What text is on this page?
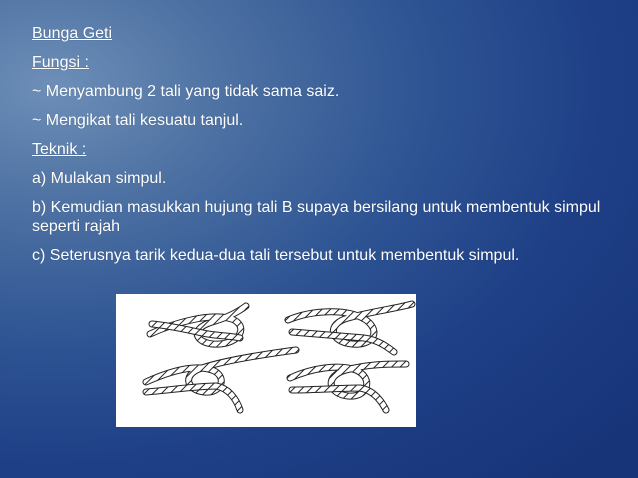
Bunga Geti
Fungsi :
~ Menyambung 2 tali yang tidak sama saiz.
~ Mengikat tali kesuatu tanjul.
Teknik :
a) Mulakan simpul.
b) Kemudian masukkan hujung tali B supaya bersilang untuk membentuk simpul seperti rajah
c) Seterusnya tarik kedua-dua tali tersebut untuk membentuk simpul.
